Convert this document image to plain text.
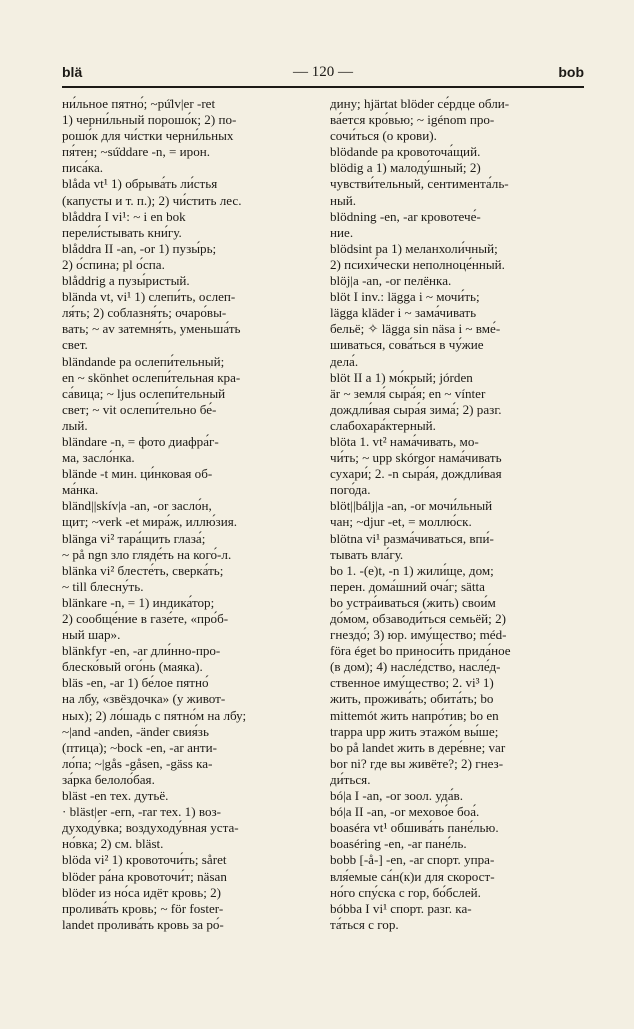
blä	— 120 —	bob
ни́льное пятно́; ~pú̇lv|er -ret
1) черни́льный порошо́к; 2) по-
рошо́к для чи́стки черни́льных
пя́тен; ~sú̇ddare -n, = ирон.
писа́ка.
blåda vt¹ 1) обрыва́ть ли́стья
(капусты и т. п.); 2) чи́стить лес.
blåddra I vi¹: ~ i en bok
перели́стывать кни́гу.
blåddra II -an, -or 1) пузы́рь;
2) о́спина; pl о́спа.
blåddrig a пузы́ристый.
blända vt, vi¹ 1) слепи́ть, ослеп-
ля́ть; 2) соблазня́ть; очаро́вы-
вать; ~ av затемня́ть, уменьша́ть
свет.
bländande pa ослепи́тельный;
en ~ skönhet ослепи́тельная кра-
са́вица; ~ ljus ослепи́тельный
свет; ~ vit ослепи́тельно бе́-
лый.
bländare -n, = фото диафра́г-
ма, засло́нка.
blände -t мин. ци́нковая об-
ма́нка.
bländ||skív|a -an, -or засло́н,
щит; ~verk -et мира́ж, иллю́зия.
blänga vi² тара́щить глаза́;
~ på ngn зло гляде́ть на кого́-л.
blänka vi² блесте́ть, сверка́ть;
~ till блесну́ть.
blänkare -n, = 1) индика́тор;
2) сообще́ние в газе́те, «про́б-
ный шар».
blänkfyr -en, -ar дли́нно-про-
блеско́вый ого́нь (маяка).
bläs -en, -ar 1) бе́лое пятно́
на лбу, «звёздочка» (у живот-
ных); 2) ло́шадь с пятно́м на лбу;
~|and -anden, -änder свия́зь
(птица); ~bock -en, -ar анти-
ло́па; ~|gås -gåsen, -gäss ка-
за́рка белоло́бая.
bläst -en тех. дутьё.
· bläst|er -ern, -rar тех. 1) воз-
духоду́вка; воздуходу́вная уста-
но́вка; 2) см. bläst.
blöda vi² 1) кровоточи́ть; såret
blöder ра́на кровоточи́т; näsan
blöder из но́са идёт кровь; 2)
пролива́ть кровь; ~ för foster-
landet пролива́ть кровь за ро́-
дину; hjärtat blöder се́рдце обли-
ва́ется кро́вью; ~ igénom про-
сочи́ться (о крови).
blödande pa кровоточа́щий.
blödig a 1) малоду́шный; 2)
чувстви́тельный, сентимента́ль-
ный.
blödning -en, -ar кровотече́-
ние.
blödsint pa 1) меланхоли́чный;
2) психи́чески неполноце́нный.
blöj|a -an, -or пелёнка.
blöt I inv.: lägga i ~ мочи́ть;
lägga kläder i ~ зама́чивать
бельё; ✧ lägga sin näsa i ~ вме́-
шиваться, сова́ться в чу́жие
дела́.
blöt II a 1) мо́крый; jórden
är ~ земля́ сыра́я; en ~ vínter
дождли́вая сыра́я зима́; 2) разг.
слабохара́ктерный.
blöta 1. vt² нама́чивать, мо-
чи́ть; ~ upp skórgor нама́чивать
сухари́; 2. -n сыра́я, дождли́вая
пого́да.
blöt||bálj|a -an, -or мочи́льный
чан; ~djur -et, = моллю́ск.
blötna vi¹ разма́чиваться, впи́-
тывать вла́гу.
bo 1. -(e)t, -n 1) жили́ще, дом;
перен. дома́шний оча́г; sätta
bo устра́иваться (жить) свои́м
до́мом, обзаводи́ться семьёй; 2)
гнездо́; 3) юр. иму́щество; méd-
föra éget bo приноси́ть прида́ное
(в дом); 4) насле́дство, насле́д-
ственное иму́щество; 2. vi³ 1)
жить, прожива́ть; обита́ть; bo
mittemót жить напро́тив; bo en
trappa upp жить этажо́м вы́ше;
bo på landet жить в дере́вне; var
bor ni? где вы живёте?; 2) гнез-
ди́ться.
bó|a I -an, -or зоол. уда́в.
bó|a II -an, -or мехово́е боа́.
boaséra vt¹ обшива́ть пане́лью.
boaséring -en, -ar пане́ль.
bobb [-å-] -en, -ar спорт. упра-
вля́емые са́н(к)и для скорост-
но́го спу́ска с гор, бо́бслей.
bóbba I vi¹ спорт. разг. ка-
та́ться с гор.
